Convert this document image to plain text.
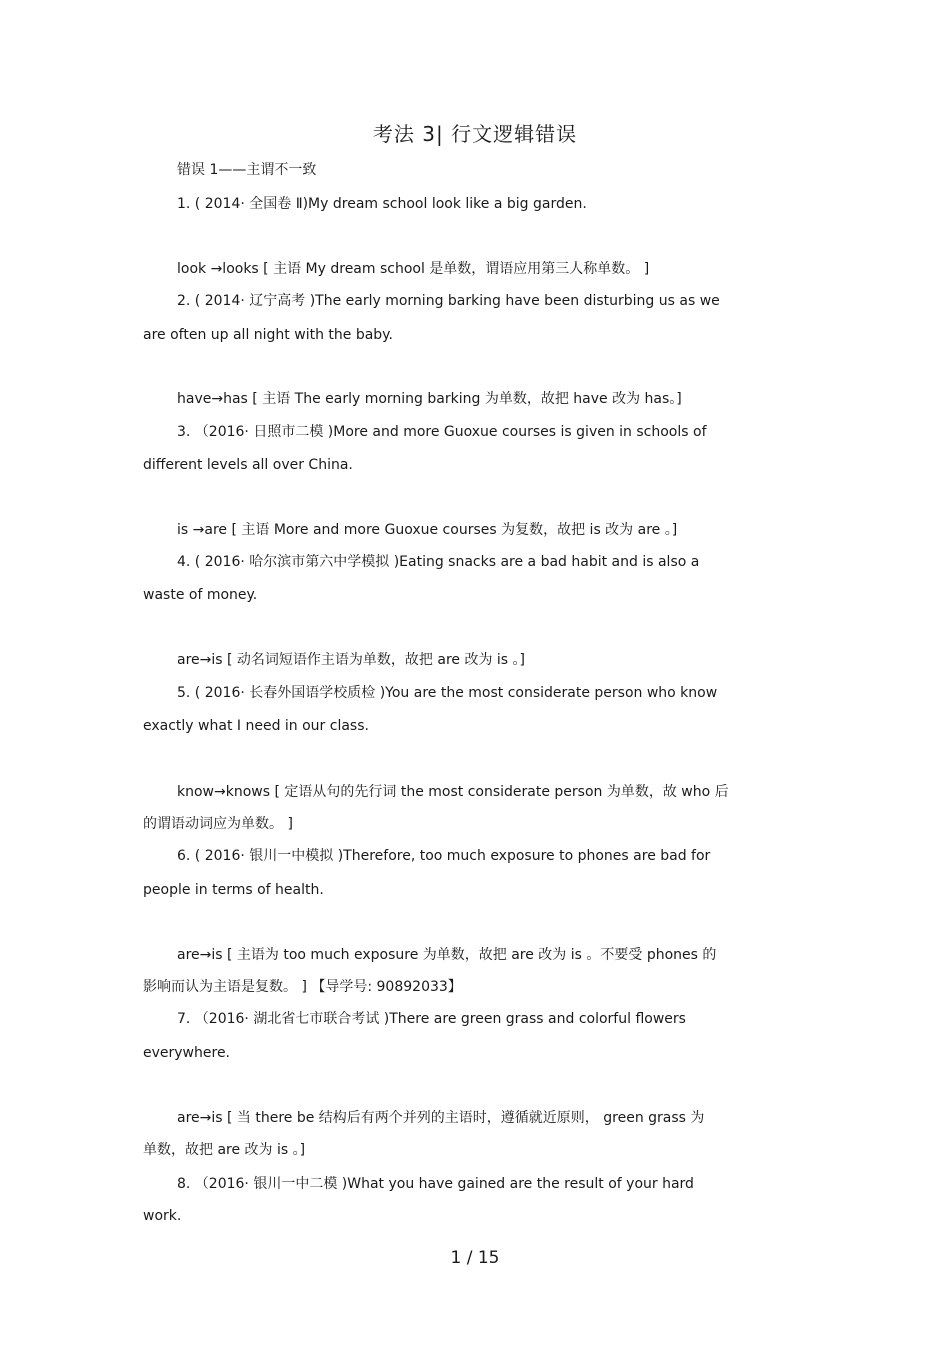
考法 3| 行文逻辑错误
错误 1——主谓不一致
1. ( 2014· 全国卷 Ⅱ)My dream school look like a big garden.
look →looks [ 主语 My dream school 是单数，谓语应用第三人称单数。 ]
2. ( 2014· 辽宁高考 )The early morning barking have been disturbing us as we
are often up all night with the baby.
have→has [ 主语 The early morning barking 为单数，故把 have 改为 has。]
3. （2016· 日照市二模 )More and more Guoxue courses is given in schools of
different levels all over China.
is →are [ 主语 More and more Guoxue courses 为复数，故把 is 改为 are 。]
4. ( 2016· 哈尔滨市第六中学模拟 )Eating snacks are a bad habit and is also a
waste of money.
are→is [ 动名词短语作主语为单数，故把 are 改为 is 。]
5. ( 2016· 长春外国语学校质检 )You are the most considerate person who know
exactly what I need in our class.
know→knows [ 定语从句的先行词 the most considerate person 为单数，故 who 后
的谓语动词应为单数。 ]
6. ( 2016· 银川一中模拟 )Therefore, too much exposure to phones are bad for
people in terms of health.
are→is [ 主语为 too much exposure 为单数，故把 are 改为 is 。不要受 phones 的
影响而认为主语是复数。 ] 【导学号: 90892033】
7. （2016· 湖北省七市联合考试 )There are green grass and colorful flowers
everywhere.
are→is [ 当 there be 结构后有两个并列的主语时，遵循就近原则， green grass 为
单数，故把 are 改为 is 。]
8. （2016· 银川一中二模 )What you have gained are the result of your hard
work.
1 / 15
